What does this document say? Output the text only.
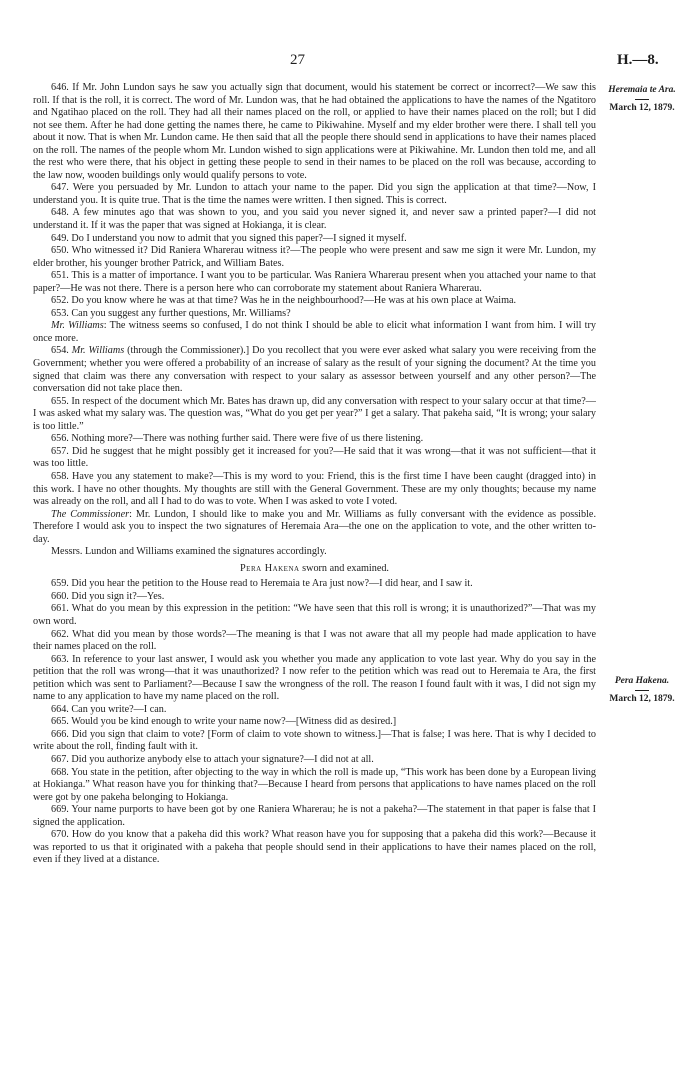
27	H.—8.
Heremaia te Ara.
March 12, 1879.
Pera Hakena.
March 12, 1879.

646. If Mr. John Lundon says he saw you actually sign that document, would his statement be correct or incorrect?—We saw this roll. If that is the roll, it is correct. The word of Mr. Lundon was, that he had obtained the applications to have the names of the Ngatitoro and Ngatihao placed on the roll. They had all their names placed on the roll, or applied to have their names placed on the roll; but I did not see them. After he had done getting the names there, he came to Pikiwahine. Myself and my elder brother were there. I shall tell you about it now. That is when Mr. Lundon came. He then said that all the people there should send in applications to have their names placed on the roll. The names of the people whom Mr. Lundon wished to sign applications were at Pikiwahine. Mr. Lundon then told me, and all the rest who were there, that his object in getting these people to send in their names to be placed on the roll was because, according to the law now, wooden buildings only would qualify persons to vote.

647. Were you persuaded by Mr. Lundon to attach your name to the paper. Did you sign the application at that time?—Now, I understand you. It is quite true. That is the time the names were written. I then signed. This is correct.

648. A few minutes ago that was shown to you, and you said you never signed it, and never saw a printed paper?—I did not understand it. If it was the paper that was signed at Hokianga, it is clear.

649. Do I understand you now to admit that you signed this paper?—I signed it myself.

650. Who witnessed it? Did Raniera Wharerau witness it?—The people who were present and saw me sign it were Mr. Lundon, my elder brother, his younger brother Patrick, and William Bates.

651. This is a matter of importance. I want you to be particular. Was Raniera Wharerau present when you attached your name to that paper?—He was not there. There is a person here who can corroborate my statement about Raniera Wharerau.

652. Do you know where he was at that time? Was he in the neighbourhood?—He was at his own place at Waima.

653. Can you suggest any further questions, Mr. Williams?

Mr. Williams: The witness seems so confused, I do not think I should be able to elicit what information I want from him. I will try once more.

654. Mr. Williams (through the Commissioner).] Do you recollect that you were ever asked what salary you were receiving from the Government; whether you were offered a probability of an increase of salary as the result of your signing the document? At the time you signed that claim was there any conversation with respect to your salary as assessor between yourself and any other person?—The conversation did not take place then.

655. In respect of the document which Mr. Bates has drawn up, did any conversation with respect to your salary occur at that time?—I was asked what my salary was. The question was, “What do you get per year?” I get a salary. That pakeha said, “It is wrong; your salary is too little.”

656. Nothing more?—There was nothing further said. There were five of us there listening.

657. Did he suggest that he might possibly get it increased for you?—He said that it was wrong—that it was not sufficient—that it was too little.

658. Have you any statement to make?—This is my word to you: Friend, this is the first time I have been caught (dragged into) in this work. I have no other thoughts. My thoughts are still with the General Government. These are my only thoughts; because my name was already on the roll, and all I had to do was to vote. When I was asked to vote I voted.

The Commissioner: Mr. Lundon, I should like to make you and Mr. Williams as fully conversant with the evidence as possible. Therefore I would ask you to inspect the two signatures of Heremaia Ara—the one on the application to vote, and the other written to-day.

Messrs. Lundon and Williams examined the signatures accordingly.

Pera Hakena sworn and examined.

659. Did you hear the petition to the House read to Heremaia te Ara just now?—I did hear, and I saw it.

660. Did you sign it?—Yes.

661. What do you mean by this expression in the petition: “We have seen that this roll is wrong; it is unauthorized?”—That was my own word.

662. What did you mean by those words?—The meaning is that I was not aware that all my people had made application to have their names placed on the roll.

663. In reference to your last answer, I would ask you whether you made any application to vote last year. Why do you say in the petition that the roll was wrong—that it was unauthorized? I now refer to the petition which was read out to Heremaia te Ara, the first petition which was sent to Parliament?—Because I saw the wrongness of the roll. The reason I found fault with it was, I did not sign my name to any application to have my name placed on the roll.

664. Can you write?—I can.

665. Would you be kind enough to write your name now?—[Witness did as desired.]

666. Did you sign that claim to vote? [Form of claim to vote shown to witness.]—That is false; I was here. That is why I decided to write about the roll, finding fault with it.

667. Did you authorize anybody else to attach your signature?—I did not at all.

668. You state in the petition, after objecting to the way in which the roll is made up, “This work has been done by a European living at Hokianga.” What reason have you for thinking that?—Because I heard from persons that applications to have names placed on the roll were got by one pakeha belonging to Hokianga.

669. Your name purports to have been got by one Raniera Wharerau; he is not a pakeha?—The statement in that paper is false that I signed the application.

670. How do you know that a pakeha did this work? What reason have you for supposing that a pakeha did this work?—Because it was reported to us that it originated with a pakeha that people should send in their applications to have their names placed on the roll, even if they lived at a distance.
